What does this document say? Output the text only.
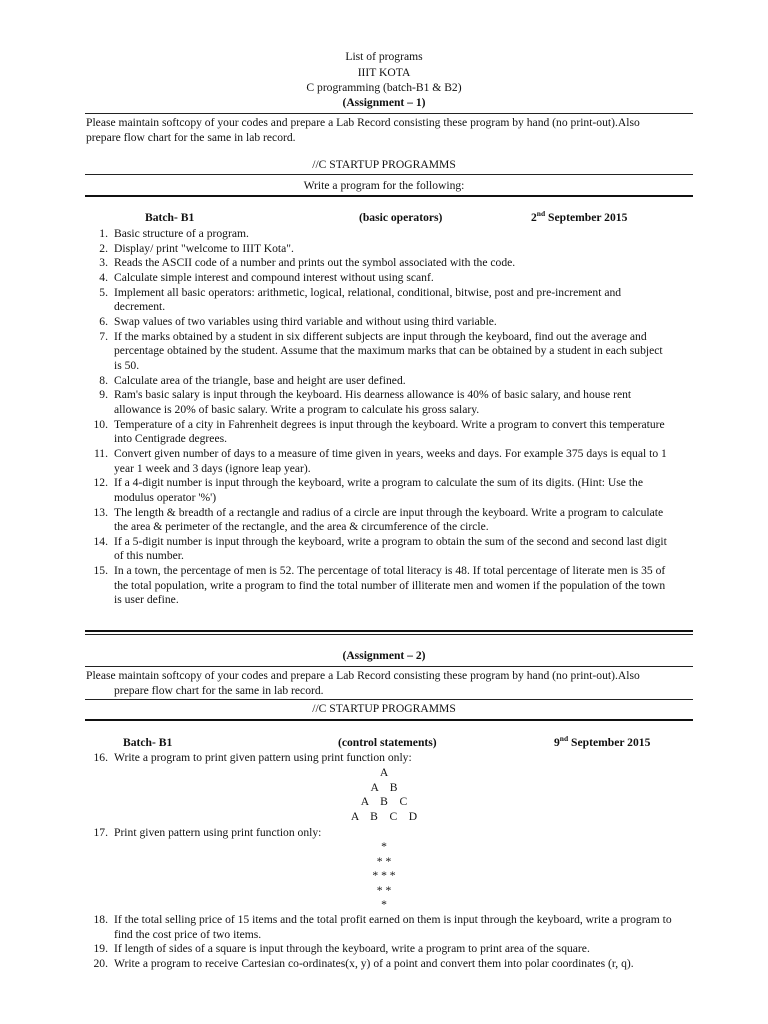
List of programs
IIIT KOTA
C programming (batch-B1 & B2)
(Assignment – 1)
Please maintain softcopy of your codes and prepare a Lab Record consisting these program by hand (no print-out).Also
prepare flow chart for the same in lab record.
//C STARTUP PROGRAMMS
Write a program for the following:
Batch- B1	(basic operators)	2nd September 2015
1. Basic structure of a program.
2. Display/ print "welcome to IIIT Kota".
3. Reads the ASCII code of a number and prints out the symbol associated with the code.
4. Calculate simple interest and compound interest without using scanf.
5. Implement all basic operators: arithmetic, logical, relational, conditional, bitwise, post and pre-increment and
decrement.
6. Swap values of two variables using third variable and without using third variable.
7. If the marks obtained by a student in six different subjects are input through the keyboard, find out the average and
percentage obtained by the student. Assume that the maximum marks that can be obtained by a student in each subject
is 50.
8. Calculate area of the triangle, base and height are user defined.
9. Ram's basic salary is input through the keyboard. His dearness allowance is 40% of basic salary, and house rent
allowance is 20% of basic salary. Write a program to calculate his gross salary.
10. Temperature of a city in Fahrenheit degrees is input through the keyboard. Write a program to convert this temperature
into Centigrade degrees.
11. Convert given number of days to a measure of time given in years, weeks and days. For example 375 days is equal to 1
year 1 week and 3 days (ignore leap year).
12. If a 4-digit number is input through the keyboard, write a program to calculate the sum of its digits. (Hint: Use the
modulus operator '%')
13. The length & breadth of a rectangle and radius of a circle are input through the keyboard. Write a program to calculate
the area & perimeter of the rectangle, and the area & circumference of the circle.
14. If a 5-digit number is input through the keyboard, write a program to obtain the sum of the second and second last digit
of this number.
15. In a town, the percentage of men is 52. The percentage of total literacy is 48. If total percentage of literate men is 35 of
the total population, write a program to find the total number of illiterate men and women if the population of the town
is user define.
(Assignment – 2)
Please maintain softcopy of your codes and prepare a Lab Record consisting these program by hand (no print-out).Also

prepare flow chart for the same in lab record.
//C STARTUP PROGRAMMS
Batch- B1	(control statements)	9nd September 2015
16. Write a program to print given pattern using print function only:
A
A    B
A    B    C
A    B    C    D
17. Print given pattern using print function only:
*
* *
* * *
* *
*
18. If the total selling price of 15 items and the total profit earned on them is input through the keyboard, write a program to
find the cost price of two items.
19. If length of sides of a square is input through the keyboard, write a program to print area of the square.
20. Write a program to receive Cartesian co-ordinates(x, y) of a point and convert them into polar coordinates (r, q).
